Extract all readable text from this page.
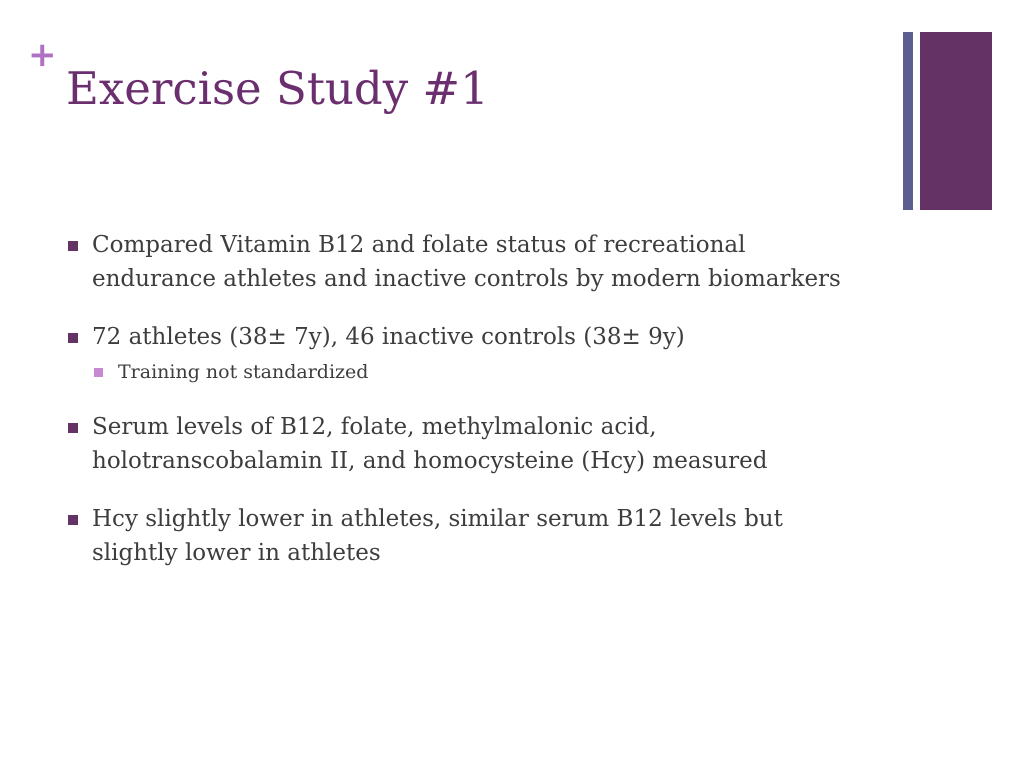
+
Exercise Study #1
Compared Vitamin B12 and folate status of recreational endurance athletes and inactive controls by modern biomarkers
72 athletes (38± 7y), 46 inactive controls (38± 9y)
Training not standardized
Serum levels of B12, folate, methylmalonic acid, holotranscobalamin II, and homocysteine (Hcy) measured
Hcy slightly lower in athletes, similar serum B12 levels but slightly lower in athletes
